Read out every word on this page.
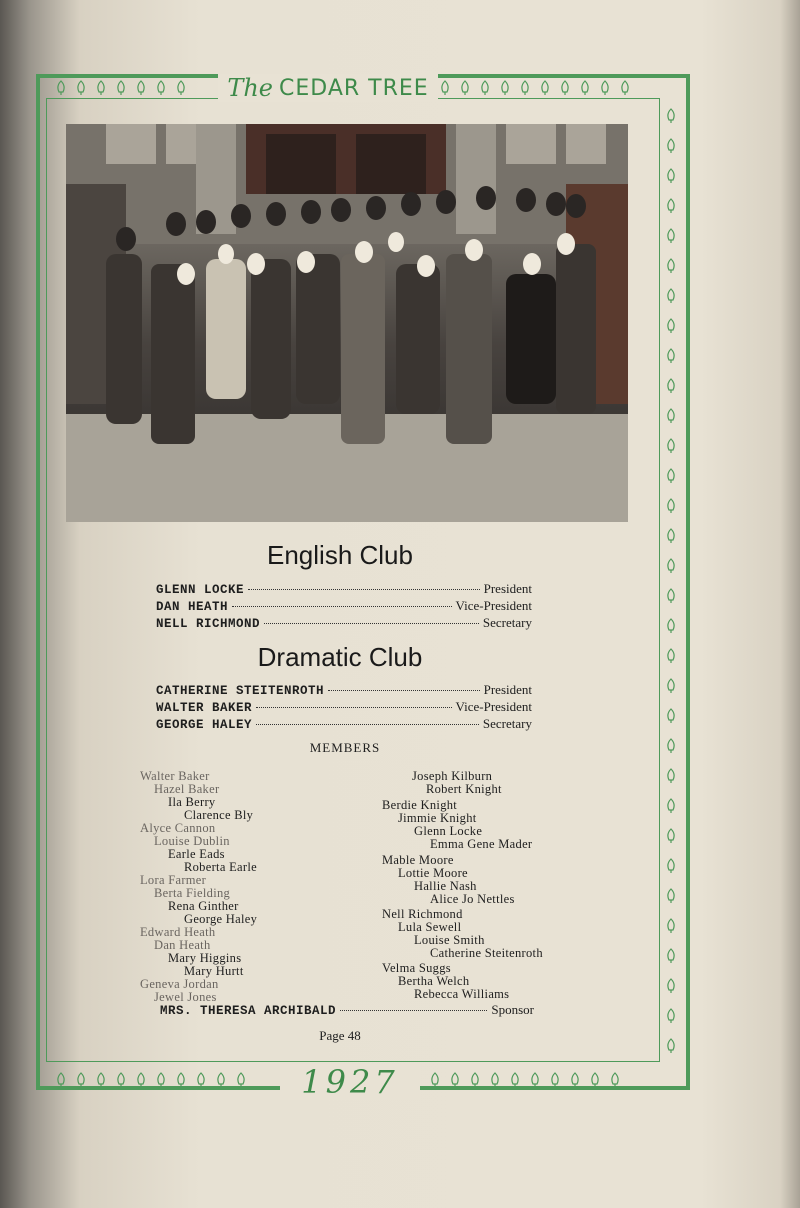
The CEDAR TREE
1927
English Club
GLENN LOCKE	President
DAN HEATH	Vice-President
NELL RICHMOND	Secretary
Dramatic Club
CATHERINE STEITENROTH	President
WALTER BAKER	Vice-President
GEORGE HALEY	Secretary
MEMBERS
Walter Baker
Hazel Baker
Ila Berry
Clarence Bly
Alyce Cannon
Louise Dublin
Earle Eads
Roberta Earle
Lora Farmer
Berta Fielding
Rena Ginther
George Haley
Edward Heath
Dan Heath
Mary Higgins
Mary Hurtt
Geneva Jordan
Jewel Jones
Joseph Kilburn
Robert Knight
Berdie Knight
Jimmie Knight
Glenn Locke
Emma Gene Mader
Mable Moore
Lottie Moore
Hallie Nash
Alice Jo Nettles
Nell Richmond
Lula Sewell
Louise Smith
Catherine Steitenroth
Velma Suggs
Bertha Welch
Rebecca Williams
MRS. THERESA ARCHIBALD	Sponsor
Page 48
